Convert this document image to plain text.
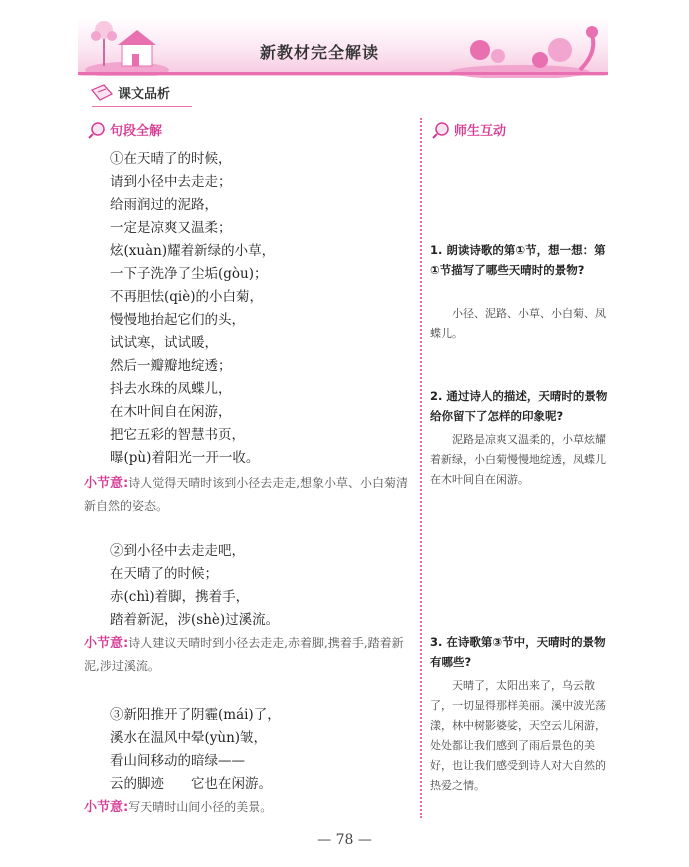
新教材完全解读
课文品析
句段全解
①在天晴了的时候，
请到小径中去走走；
给雨润过的泥路，
一定是凉爽又温柔；
炫(xuàn)耀着新绿的小草，
一下子洗净了尘垢(gòu)；
不再胆怯(qiè)的小白菊，
慢慢地抬起它们的头，
试试寒，试试暖，
然后一瓣瓣地绽透；
抖去水珠的凤蝶儿，
在木叶间自在闲游，
把它五彩的智慧书页，
曝(pù)着阳光一开一收。
小节意:诗人觉得天晴时该到小径去走走,想象小草、小白菊清新自然的姿态。
②到小径中去走走吧，
在天晴了的时候；
赤(chì)着脚，携着手，
踏着新泥，涉(shè)过溪流。
小节意:诗人建议天晴时到小径去走走,赤着脚,携着手,踏着新泥,涉过溪流。
③新阳推开了阴霾(mái)了，
溪水在温风中晕(yùn)皱，
看山间移动的暗绿——
云的脚迹　　它也在闲游。
小节意:写天晴时山间小径的美景。
师生互动
1. 朗读诗歌的第①节，想一想：第①节描写了哪些天晴时的景物?
小径、泥路、小草、小白菊、凤蝶儿。
2. 通过诗人的描述，天晴时的景物给你留下了怎样的印象呢?
泥路是凉爽又温柔的，小草炫耀着新绿，小白菊慢慢地绽透，凤蝶儿在木叶间自在闲游。
3. 在诗歌第③节中，天晴时的景物有哪些?
天晴了，太阳出来了，乌云散了，一切显得那样美丽。溪中波光荡漾，林中树影婆娑，天空云儿闲游，处处都让我们感到了雨后景色的美好，也让我们感受到诗人对大自然的热爱之情。
— 78 —
